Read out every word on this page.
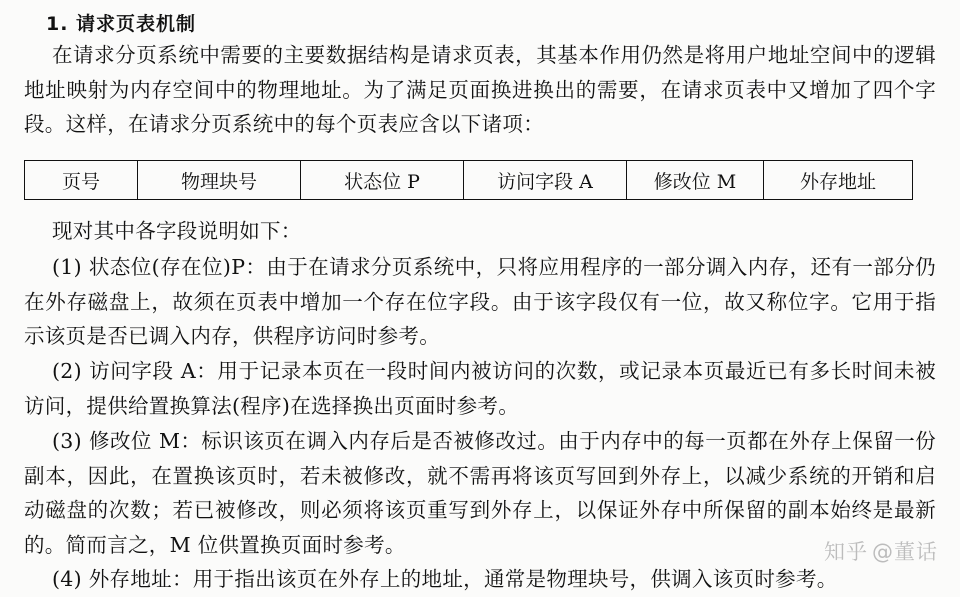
1. 请求页表机制
在请求分页系统中需要的主要数据结构是请求页表，其基本作用仍然是将用户地址空间中的逻辑地址映射为内存空间中的物理地址。为了满足页面换进换出的需要，在请求页表中又增加了四个字段。这样，在请求分页系统中的每个页表应含以下诸项：
页号	物理块号	状态位 P	访问字段 A	修改位 M	外存地址
现对其中各字段说明如下：
(1) 状态位(存在位)P：由于在请求分页系统中，只将应用程序的一部分调入内存，还有一部分仍在外存磁盘上，故须在页表中增加一个存在位字段。由于该字段仅有一位，故又称位字。它用于指示该页是否已调入内存，供程序访问时参考。
(2) 访问字段 A：用于记录本页在一段时间内被访问的次数，或记录本页最近已有多长时间未被访问，提供给置换算法(程序)在选择换出页面时参考。
(3) 修改位 M：标识该页在调入内存后是否被修改过。由于内存中的每一页都在外存上保留一份副本，因此，在置换该页时，若未被修改，就不需再将该页写回到外存上，以减少系统的开销和启动磁盘的次数；若已被修改，则必须将该页重写到外存上，以保证外存中所保留的副本始终是最新的。简而言之，M 位供置换页面时参考。
(4) 外存地址：用于指出该页在外存上的地址，通常是物理块号，供调入该页时参考。
知乎 @董话
